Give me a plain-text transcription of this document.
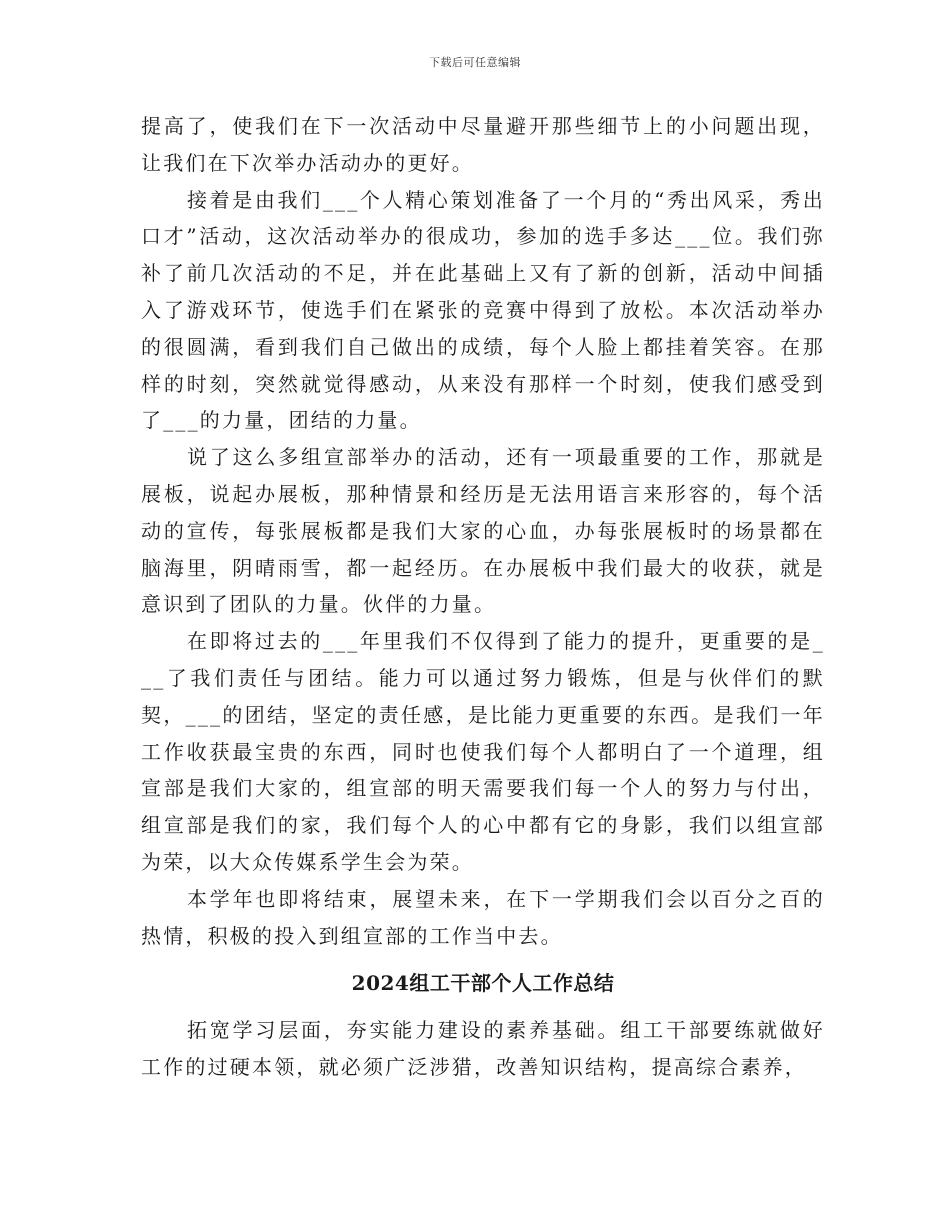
下载后可任意编辑

提高了，使我们在下一次活动中尽量避开那些细节上的小问题出现，让我们在下次举办活动办的更好。

接着是由我们___个人精心策划准备了一个月的“秀出风采，秀出口才”活动，这次活动举办的很成功，参加的选手多达___位。我们弥补了前几次活动的不足，并在此基础上又有了新的创新，活动中间插入了游戏环节，使选手们在紧张的竞赛中得到了放松。本次活动举办的很圆满，看到我们自己做出的成绩，每个人脸上都挂着笑容。在那样的时刻，突然就觉得感动，从来没有那样一个时刻，使我们感受到了___的力量，团结的力量。

说了这么多组宣部举办的活动，还有一项最重要的工作，那就是展板，说起办展板，那种情景和经历是无法用语言来形容的，每个活动的宣传，每张展板都是我们大家的心血，办每张展板时的场景都在脑海里，阴晴雨雪，都一起经历。在办展板中我们最大的收获，就是意识到了团队的力量。伙伴的力量。

在即将过去的___年里我们不仅得到了能力的提升，更重要的是___了我们责任与团结。能力可以通过努力锻炼，但是与伙伴们的默契，___的团结，坚定的责任感，是比能力更重要的东西。是我们一年工作收获最宝贵的东西，同时也使我们每个人都明白了一个道理，组宣部是我们大家的，组宣部的明天需要我们每一个人的努力与付出，组宣部是我们的家，我们每个人的心中都有它的身影，我们以组宣部为荣，以大众传媒系学生会为荣。

本学年也即将结束，展望未来，在下一学期我们会以百分之百的热情，积极的投入到组宣部的工作当中去。

2024组工干部个人工作总结

拓宽学习层面，夯实能力建设的素养基础。组工干部要练就做好工作的过硬本领，就必须广泛涉猎，改善知识结构，提高综合素养，
